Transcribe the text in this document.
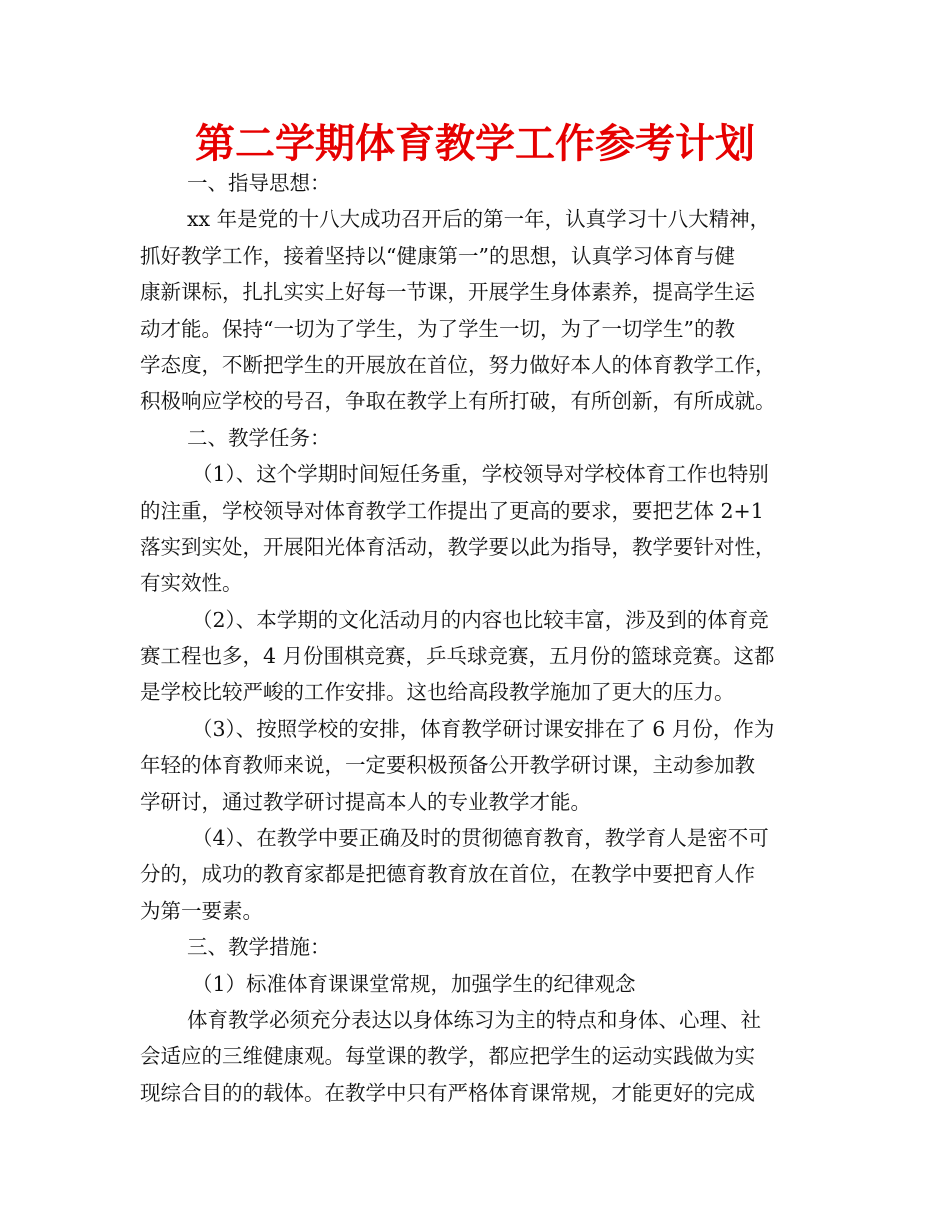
第二学期体育教学工作参考计划
一、指导思想：
xx 年是党的十八大成功召开后的第一年，认真学习十八大精神，
抓好教学工作，接着坚持以“健康第一”的思想，认真学习体育与健
康新课标，扎扎实实上好每一节课，开展学生身体素养，提高学生运
动才能。保持“一切为了学生，为了学生一切，为了一切学生”的教
学态度，不断把学生的开展放在首位，努力做好本人的体育教学工作，
积极响应学校的号召，争取在教学上有所打破，有所创新，有所成就。
二、教学任务：
（1）、这个学期时间短任务重，学校领导对学校体育工作也特别
的注重，学校领导对体育教学工作提出了更高的要求，要把艺体 2+1
落实到实处，开展阳光体育活动，教学要以此为指导，教学要针对性，
有实效性。
（2）、本学期的文化活动月的内容也比较丰富，涉及到的体育竞
赛工程也多，4 月份围棋竞赛，乒乓球竞赛，五月份的篮球竞赛。这都
是学校比较严峻的工作安排。这也给高段教学施加了更大的压力。
（3）、按照学校的安排，体育教学研讨课安排在了 6 月份，作为
年轻的体育教师来说，一定要积极预备公开教学研讨课，主动参加教
学研讨，通过教学研讨提高本人的专业教学才能。
（4）、在教学中要正确及时的贯彻德育教育，教学育人是密不可
分的，成功的教育家都是把德育教育放在首位，在教学中要把育人作
为第一要素。
三、教学措施：
（1）标准体育课课堂常规，加强学生的纪律观念
体育教学必须充分表达以身体练习为主的特点和身体、心理、社
会适应的三维健康观。每堂课的教学，都应把学生的运动实践做为实
现综合目的的载体。在教学中只有严格体育课常规，才能更好的完成
